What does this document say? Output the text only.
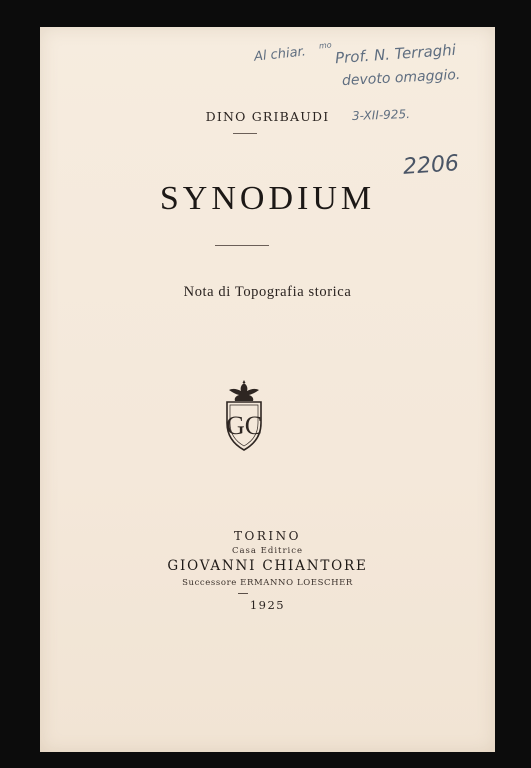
Al chiar. mo Prof. N. Terraghi
devoto omaggio.
3-XII-925.
2206
DINO GRIBAUDI
SYNODIUM
Nota di Topografia storica
GC
TORINO
Casa Editrice
GIOVANNI CHIANTORE
Successore ERMANNO LOESCHER
1925
